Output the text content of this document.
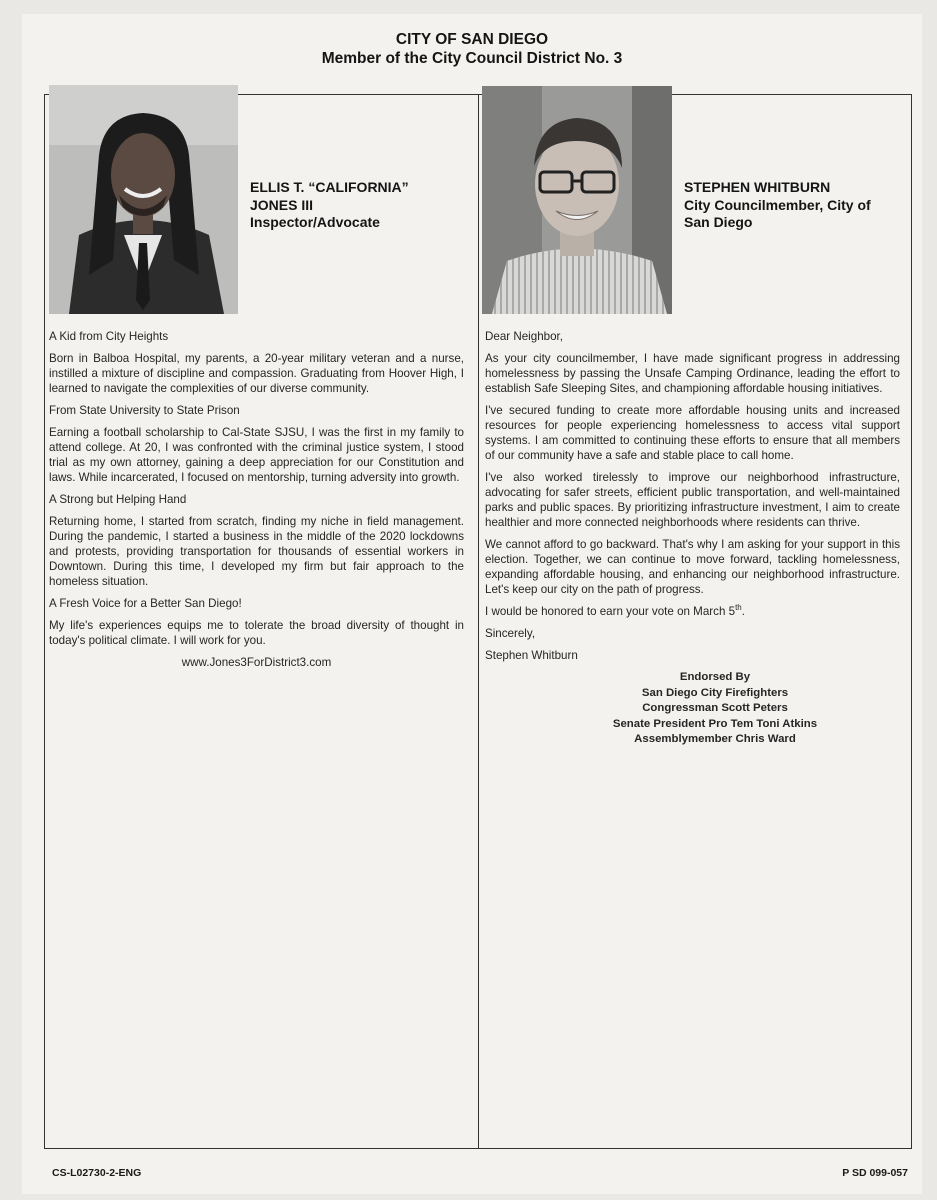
CITY OF SAN DIEGO
Member of the City Council District No. 3
ELLIS T. “CALIFORNIA”
JONES III
Inspector/Advocate
STEPHEN WHITBURN
City Councilmember, City of
San Diego
A Kid from City Heights

Born in Balboa Hospital, my parents, a 20-year military veteran and a nurse, instilled a mixture of discipline and compassion. Graduating from Hoover High, I learned to navigate the complexities of our diverse community.

From State University to State Prison

Earning a football scholarship to Cal-State SJSU, I was the first in my family to attend college. At 20, I was confronted with the criminal justice system, I stood trial as my own attorney, gaining a deep appreciation for our Constitution and laws. While incarcerated, I focused on mentorship, turning adversity into growth.

A Strong but Helping Hand

Returning home, I started from scratch, finding my niche in field management. During the pandemic, I started a business in the middle of the 2020 lockdowns and protests, providing transportation for thousands of essential workers in Downtown. During this time, I developed my firm but fair approach to the homeless situation.

A Fresh Voice for a Better San Diego!

My life's experiences equips me to tolerate the broad diversity of thought in today's political climate. I will work for you.

www.Jones3ForDistrict3.com

Dear Neighbor,

As your city councilmember, I have made significant progress in addressing homelessness by passing the Unsafe Camping Ordinance, leading the effort to establish Safe Sleeping Sites, and championing affordable housing initiatives.

I've secured funding to create more affordable housing units and increased resources for people experiencing homelessness to access vital support systems. I am committed to continuing these efforts to ensure that all members of our community have a safe and stable place to call home.

I've also worked tirelessly to improve our neighborhood infrastructure, advocating for safer streets, efficient public transportation, and well-maintained parks and public spaces. By prioritizing infrastructure investment, I aim to create healthier and more connected neighborhoods where residents can thrive.

We cannot afford to go backward. That's why I am asking for your support in this election. Together, we can continue to move forward, tackling homelessness, expanding affordable housing, and enhancing our neighborhood infrastructure. Let's keep our city on the path of progress.

I would be honored to earn your vote on March 5th.

Sincerely,

Stephen Whitburn

Endorsed By
San Diego City Firefighters
Congressman Scott Peters
Senate President Pro Tem Toni Atkins
Assemblymember Chris Ward
CS-L02730-2-ENG	P SD 099-057
